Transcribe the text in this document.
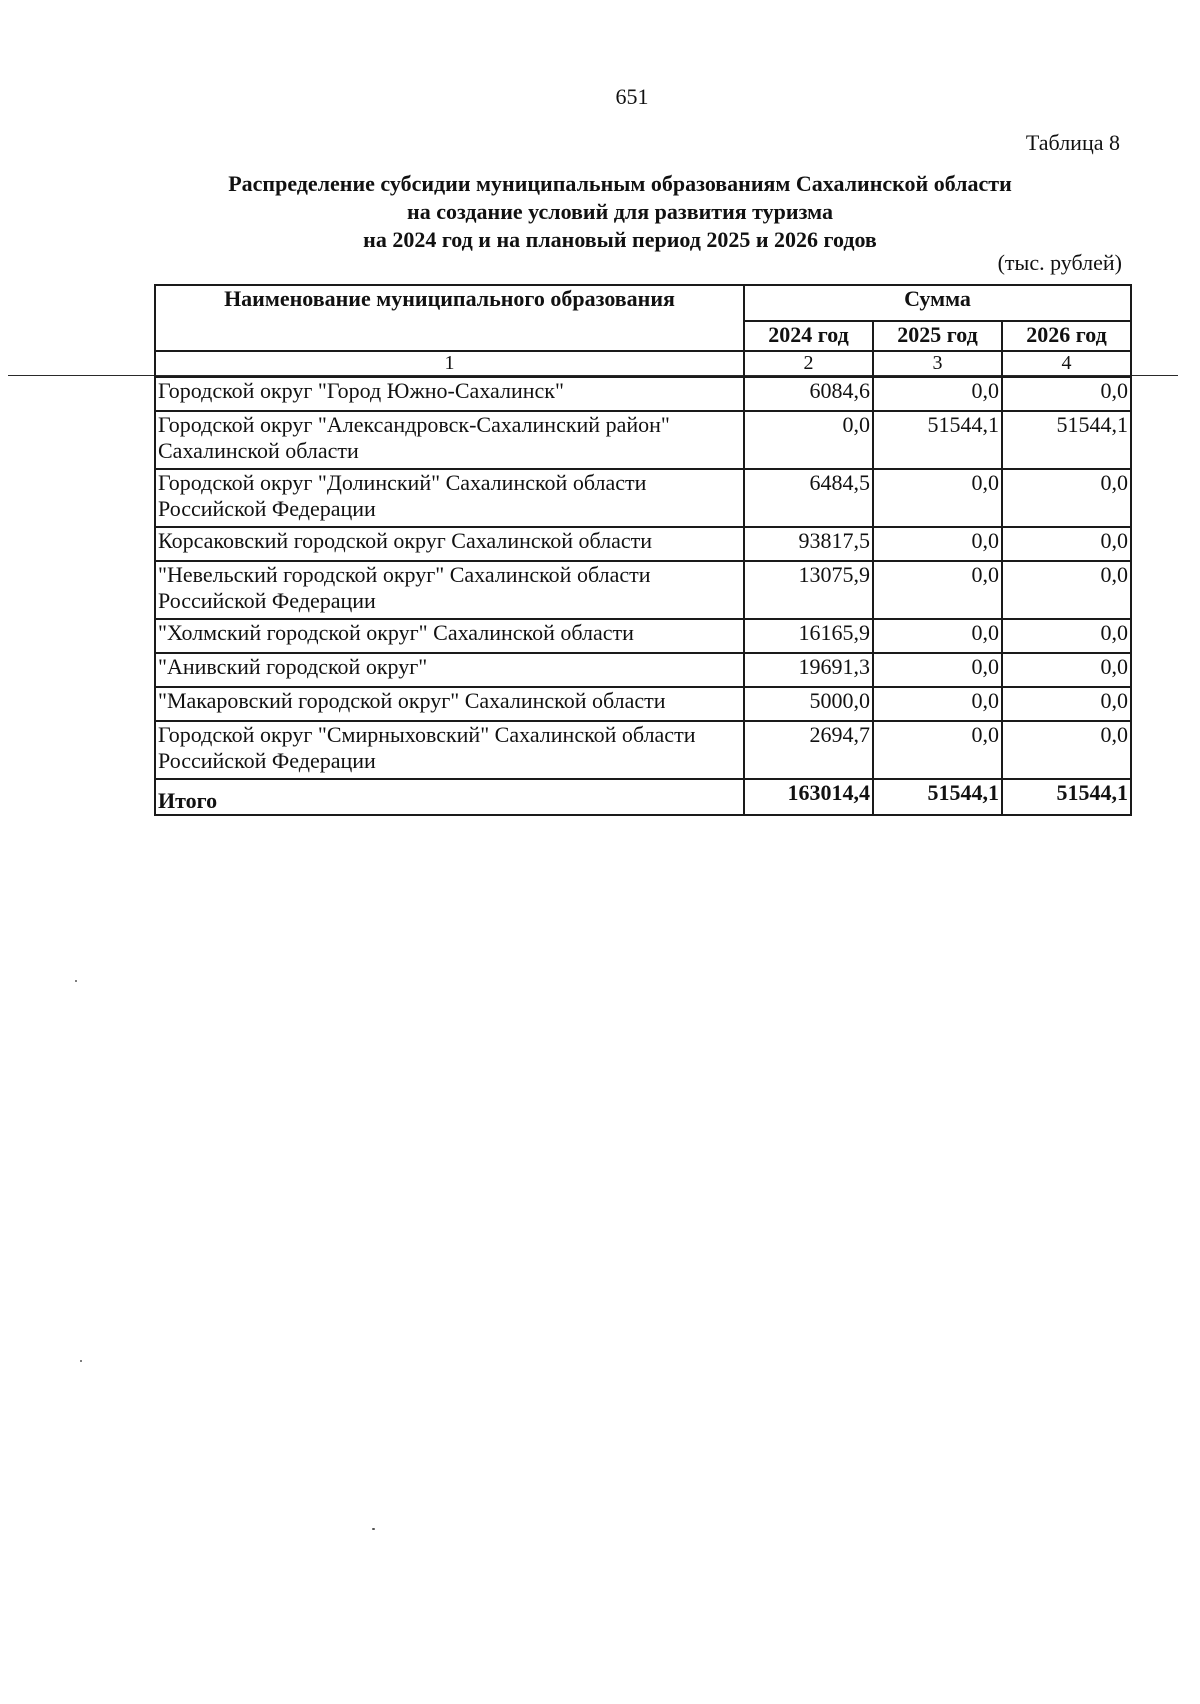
651
Таблица 8
Распределение субсидии муниципальным образованиям Сахалинской области
на создание условий для развития туризма
на 2024 год и на плановый период 2025 и 2026 годов
(тыс. рублей)
Наименование муниципального образования	Сумма		
	2024 год	2025 год	2026 год
1	2	3	4
Городской округ "Город Южно-Сахалинск"	6084,6	0,0	0,0
Городской округ "Александровск-Сахалинский район" Сахалинской области	0,0	51544,1	51544,1
Городской округ "Долинский" Сахалинской области Российской Федерации	6484,5	0,0	0,0
Корсаковский городской округ Сахалинской области	93817,5	0,0	0,0
"Невельский городской округ" Сахалинской области Российской Федерации	13075,9	0,0	0,0
"Холмский городской округ" Сахалинской области	16165,9	0,0	0,0
"Анивский городской округ"	19691,3	0,0	0,0
"Макаровский городской округ" Сахалинской области	5000,0	0,0	0,0
Городской округ "Смирныховский" Сахалинской области Российской Федерации	2694,7	0,0	0,0
Итого	163014,4	51544,1	51544,1
